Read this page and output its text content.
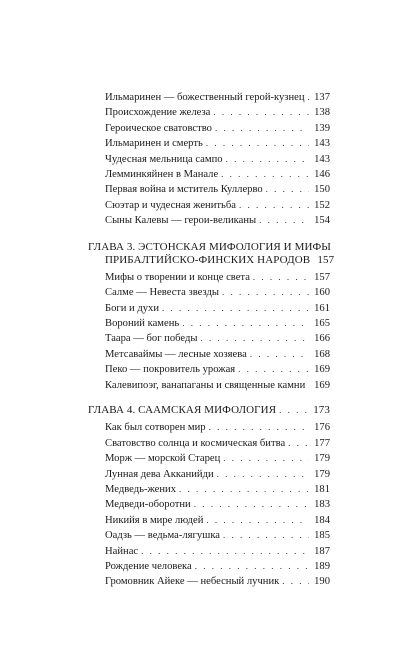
Ильмаринен — божественный герой-кузнец . . . 137
Происхождение железа . . .	138
Героическое сватовство . . .	139
Ильмаринен и смерть . . .	143
Чудесная мельница сампо . . .	143
Лемминкяйнен в Манале . . .	146
Первая война и мститель Куллерво . . .	150
Сюэтар и чудесная женитьба . . .	152
Сыны Калевы — герои-великаны . . .	154
ГЛАВА 3. ЭСТОНСКАЯ МИФОЛОГИЯ И МИФЫ
ПРИБАЛТИЙСКО-ФИНСКИХ НАРОДОВ 157
Мифы о творении и конце света . . .	157
Салме — Невеста звезды . . .	160
Боги и духи . . .	161
Вороний камень . . .	165
Таара — бог победы . . .	166
Метсаваймы — лесные хозяева . . .	168
Пеко — покровитель урожая . . .	169
Калевипоэг, ванапаганы и священные камни . . . 169
ГЛАВА 4. САAМСКАЯ МИФОЛОГИЯ . . .	173
Как был сотворен мир . . .	176
Сватовство солнца и космическая битва . . .	177
Морж — морской Старец . . .	179
Лунная дева Акканийди . . .	179
Медведь-жених . . .	181
Медведи-оборотни . . .	183
Никийя в мире людей . . .	184
Оадзь — ведьма-лягушка . . .	185
Найнас . . .	187
Рождение человека . . .	189
Громовник Айеке — небесный лучник . . .	190
